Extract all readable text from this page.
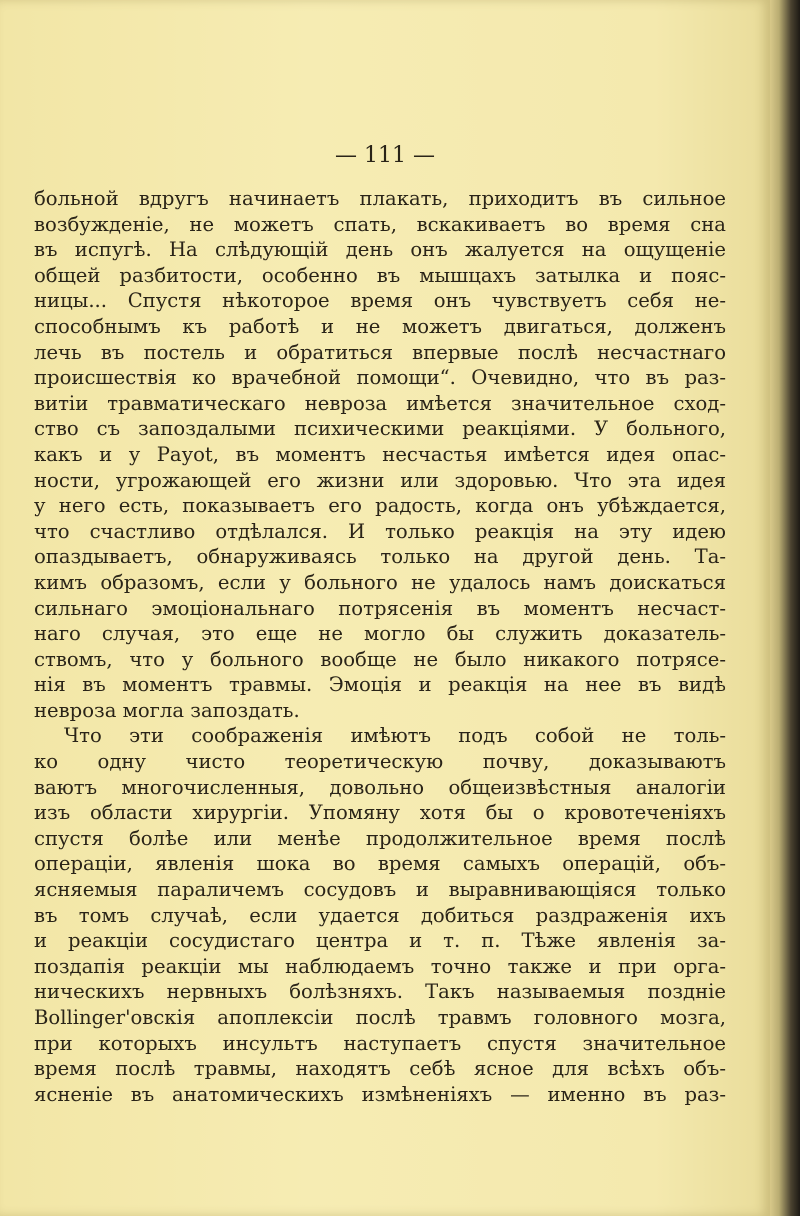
— 111 —
больной вдругъ начинаетъ плакать, приходитъ въ сильное
возбужденіе, не можетъ спать, вскакиваетъ во время сна
въ испугѣ. На слѣдующій день онъ жалуется на ощущеніе
общей разбитости, особенно въ мышцахъ затылка и пояс-
ницы... Спустя нѣкоторое время онъ чувствуетъ себя не-
способнымъ къ работѣ и не можетъ двигаться, долженъ
лечь въ постель и обратиться впервые послѣ несчастнаго
происшествія ко врачебной помощи“. Очевидно, что въ раз-
витіи травматическаго невроза имѣется значительное сход-
ство съ запоздалыми психическими реакціями. У больного,
какъ и у Рауоt, въ моментъ несчастья имѣется идея опас-
ности, угрожающей его жизни или здоровью. Что эта идея
у него есть, показываетъ его радость, когда онъ убѣждается,
что счастливо отдѣлался. И только реакція на эту идею
опаздываетъ, обнаруживаясь только на другой день. Та-
кимъ образомъ, если у больного не удалось намъ доискаться
сильнаго эмоціональнаго потрясенія въ моментъ несчаст-
наго случая, это еще не могло бы служить доказатель-
ствомъ, что у больного вообще не было никакого потрясе-
нія въ моментъ травмы. Эмоція и реакція на нее въ видѣ
невроза могла запоздать.
Что эти соображенія имѣютъ подъ собой не толь-
ко одну чисто теоретическую почву, доказываютъ
ваютъ многочисленныя, довольно общеизвѣстныя аналогіи
изъ области хирургіи. Упомяну хотя бы о кровотеченіяхъ
спустя болѣе или менѣе продолжительное время послѣ
операціи, явленія шока во время самыхъ операцій, объ-
ясняемыя параличемъ сосудовъ и выравнивающіяся только
въ томъ случаѣ, если удается добиться раздраженія ихъ
и реакціи сосудистаго центра и т. п. Тѣже явленія за-
поздапія реакціи мы наблюдаемъ точно также и при орга-
ническихъ нервныхъ болѣзняхъ. Такъ называемыя поздніе
Bollinger'овскія апоплексіи послѣ травмъ головного мозга,
при которыхъ инсультъ наступаетъ спустя значительное
время послѣ травмы, находятъ себѣ ясное для всѣхъ объ-
ясненіе въ анатомическихъ измѣненіяхъ — именно въ раз-
